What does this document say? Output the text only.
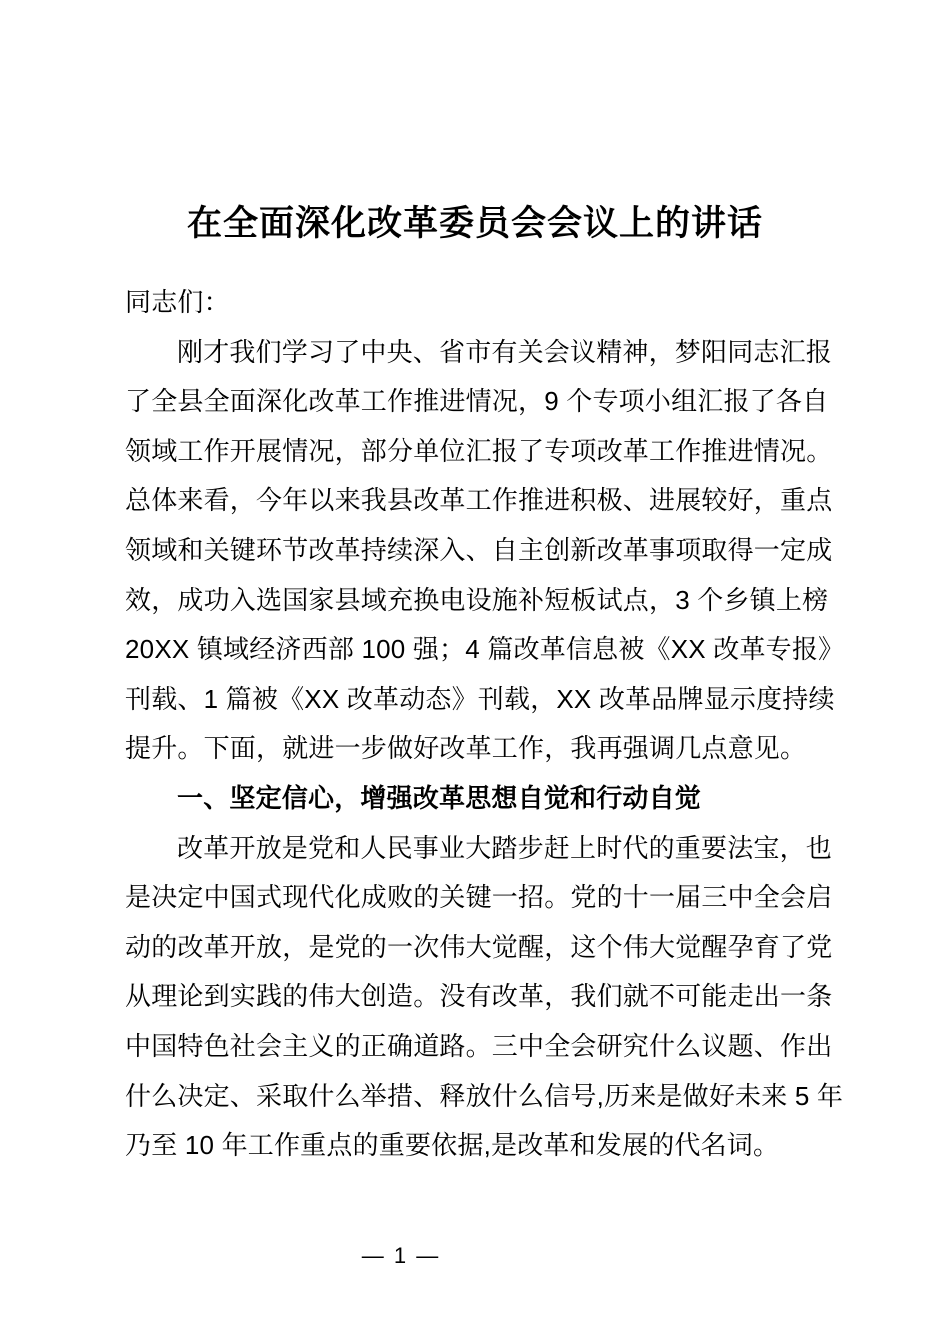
在全面深化改革委员会会议上的讲话
同志们：
刚才我们学习了中央、省市有关会议精神，梦阳同志汇报
了全县全面深化改革工作推进情况，9 个专项小组汇报了各自
领域工作开展情况，部分单位汇报了专项改革工作推进情况。
总体来看，今年以来我县改革工作推进积极、进展较好，重点
领域和关键环节改革持续深入、自主创新改革事项取得一定成
效，成功入选国家县域充换电设施补短板试点，3 个乡镇上榜
20XX 镇域经济西部 100 强；4 篇改革信息被《XX 改革专报》
刊载、1 篇被《XX 改革动态》刊载，XX 改革品牌显示度持续
提升。下面，就进一步做好改革工作，我再强调几点意见。
一、坚定信心，增强改革思想自觉和行动自觉
改革开放是党和人民事业大踏步赶上时代的重要法宝，也
是决定中国式现代化成败的关键一招。党的十一届三中全会启
动的改革开放，是党的一次伟大觉醒，这个伟大觉醒孕育了党
从理论到实践的伟大创造。没有改革，我们就不可能走出一条
中国特色社会主义的正确道路。三中全会研究什么议题、作出
什么决定、采取什么举措、释放什么信号,历来是做好未来 5 年
乃至 10 年工作重点的重要依据,是改革和发展的代名词。
— 1 —
